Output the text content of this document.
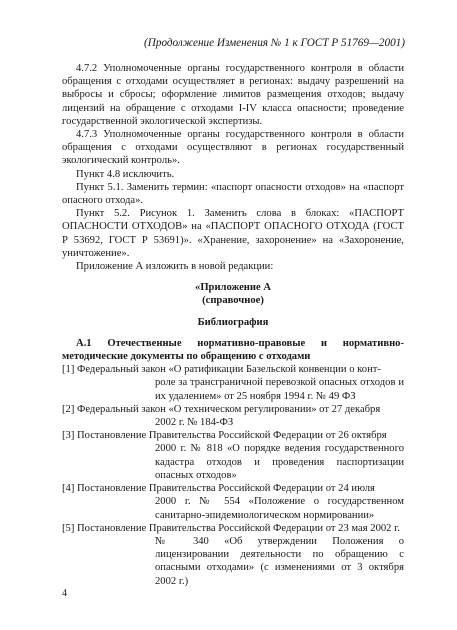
(Продолжение Изменения № 1 к ГОСТ Р 51769—2001)

4.7.2 Уполномоченные органы государственного контроля в области обращения с отходами осуществляет в регионах: выдачу разрешений на выбросы и сбросы; оформление лимитов размещения отходов; выдачу лицензий на обращение с отходами I-IV класса опасности; проведение государственной экологической экспертизы.

4.7.3 Уполномоченные органы государственного контроля в области обращения с отходами осуществляют в регионах государственный экологический контроль».

Пункт 4.8 исключить.

Пункт 5.1. Заменить термин: «паспорт опасности отходов» на «паспорт опасного отхода».

Пункт 5.2. Рисунок 1. Заменить слова в блоках: «ПАСПОРТ ОПАСНОСТИ ОТХОДОВ» на «ПАСПОРТ ОПАСНОГО ОТХОДА (ГОСТ Р 53692, ГОСТ Р 53691)». «Хранение, захоронение» на «Захоронение, уничтожение».

Приложение А изложить в новой редакции:

«Приложение А

(справочное)

Библиография

А.1 Отечественные нормативно-правовые и нормативно-методические документы по обращению с отходами

[1] Федеральный закон «О ратификации Базельской конвенции о конт-

роле за трансграничной перевозкой опасных отходов и их удалением» от 25 ноября 1994 г. № 49 ФЗ

[2] Федеральный закон «О техническом регулировании» от 27 декабря

2002 г. № 184-ФЗ

[3] Постановление Правительства Российской Федерации от 26 октября

2000 г. № 818 «О порядке ведения государственного кадастра отходов и проведения паспортизации опасных отходов»

[4] Постановление Правительства Российской Федерации от 24 июля

2000 г. № 554 «Положение о государственном санитарно-эпидемиологическом нормировании»

[5] Постановление Правительства Российской Федерации от 23 мая 2002 г.

№ 340 «Об утверждении Положения о лицензировании деятельности по обращению с опасными отходами» (с изменениями от 3 октября 2002 г.)

4
